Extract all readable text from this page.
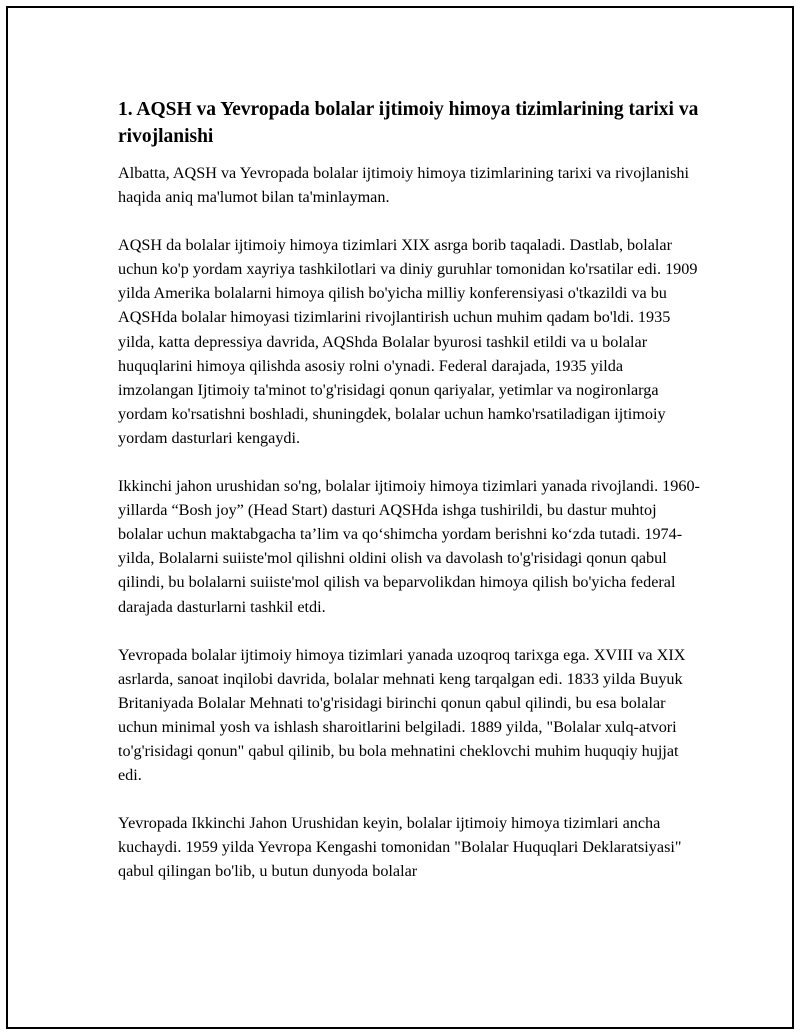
1. AQSH va Yevropada bolalar ijtimoiy himoya tizimlarining tarixi va rivojlanishi

Albatta, AQSH va Yevropada bolalar ijtimoiy himoya tizimlarining tarixi va rivojlanishi haqida aniq ma'lumot bilan ta'minlayman.

AQSH da bolalar ijtimoiy himoya tizimlari XIX asrga borib taqaladi. Dastlab, bolalar uchun ko'p yordam xayriya tashkilotlari va diniy guruhlar tomonidan ko'rsatilar edi. 1909 yilda Amerika bolalarni himoya qilish bo'yicha milliy konferensiyasi o'tkazildi va bu AQSHda bolalar himoyasi tizimlarini rivojlantirish uchun muhim qadam bo'ldi. 1935 yilda, katta depressiya davrida, AQShda Bolalar byurosi tashkil etildi va u bolalar huquqlarini himoya qilishda asosiy rolni o'ynadi. Federal darajada, 1935 yilda imzolangan Ijtimoiy ta'minot to'g'risidagi qonun qariyalar, yetimlar va nogironlarga yordam ko'rsatishni boshladi, shuningdek, bolalar uchun hamko'rsatiladigan ijtimoiy yordam dasturlari kengaydi.

Ikkinchi jahon urushidan so'ng, bolalar ijtimoiy himoya tizimlari yanada rivojlandi. 1960-yillarda “Bosh joy” (Head Start) dasturi AQSHda ishga tushirildi, bu dastur muhtoj bolalar uchun maktabgacha ta’lim va qo‘shimcha yordam berishni ko‘zda tutadi. 1974-yilda, Bolalarni suiiste'mol qilishni oldini olish va davolash to'g'risidagi qonun qabul qilindi, bu bolalarni suiiste'mol qilish va beparvolikdan himoya qilish bo'yicha federal darajada dasturlarni tashkil etdi.

Yevropada bolalar ijtimoiy himoya tizimlari yanada uzoqroq tarixga ega. XVIII va XIX asrlarda, sanoat inqilobi davrida, bolalar mehnati keng tarqalgan edi. 1833 yilda Buyuk Britaniyada Bolalar Mehnati to'g'risidagi birinchi qonun qabul qilindi, bu esa bolalar uchun minimal yosh va ishlash sharoitlarini belgiladi. 1889 yilda, "Bolalar xulq-atvori to'g'risidagi qonun" qabul qilinib, bu bola mehnatini cheklovchi muhim huquqiy hujjat edi.

Yevropada Ikkinchi Jahon Urushidan keyin, bolalar ijtimoiy himoya tizimlari ancha kuchaydi. 1959 yilda Yevropa Kengashi tomonidan "Bolalar Huquqlari Deklaratsiyasi" qabul qilingan bo'lib, u butun dunyoda bolalar
